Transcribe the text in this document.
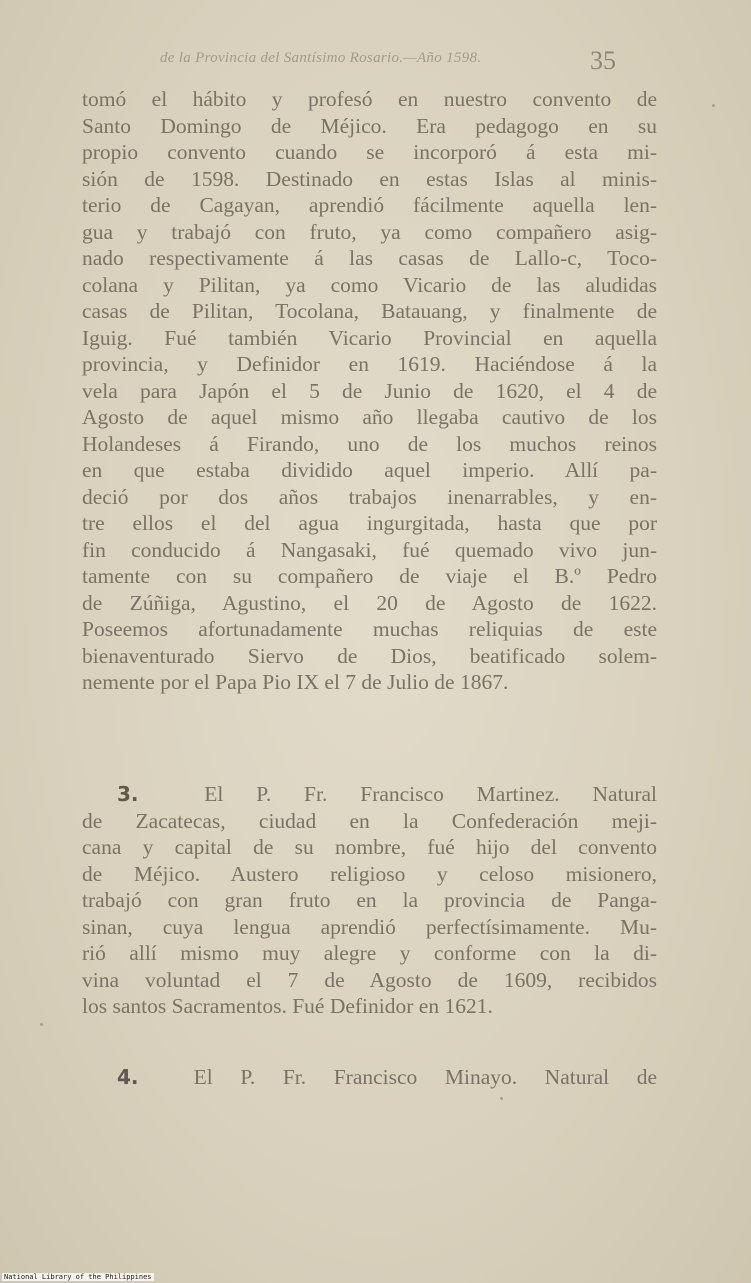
de la Provincia del Santísimo Rosario.—Año 1598.	35
tomó el hábito y profesó en nuestro convento de
Santo Domingo de Méjico. Era pedagogo en su
propio convento cuando se incorporó á esta mi-
sión de 1598. Destinado en estas Islas al minis-
terio de Cagayan, aprendió fácilmente aquella len-
gua y trabajó con fruto, ya como compañero asig-
nado respectivamente á las casas de Lallo-c, Toco-
colana y Pilitan, ya como Vicario de las aludidas
casas de Pilitan, Tocolana, Batauang, y finalmente de
Iguig. Fué también Vicario Provincial en aquella
provincia, y Definidor en 1619. Haciéndose á la
vela para Japón el 5 de Junio de 1620, el 4 de
Agosto de aquel mismo año llegaba cautivo de los
Holandeses á Firando, uno de los muchos reinos
en que estaba dividido aquel imperio. Allí pa-
deció por dos años trabajos inenarrables, y en-
tre ellos el del agua ingurgitada, hasta que por
fin conducido á Nangasaki, fué quemado vivo jun-
tamente con su compañero de viaje el B.º Pedro
de Zúñiga, Agustino, el 20 de Agosto de 1622.
Poseemos afortunadamente muchas reliquias de este
bienaventurado Siervo de Dios, beatificado solem-
nemente por el Papa Pio IX el 7 de Julio de 1867.
3.	El P. Fr. Francisco Martinez. Natural
de Zacatecas, ciudad en la Confederación meji-
cana y capital de su nombre, fué hijo del convento
de Méjico. Austero religioso y celoso misionero,
trabajó con gran fruto en la provincia de Panga-
sinan, cuya lengua aprendió perfectísimamente. Mu-
rió allí mismo muy alegre y conforme con la di-
vina voluntad el 7 de Agosto de 1609, recibidos
los santos Sacramentos. Fué Definidor en 1621.
4.	El P. Fr. Francisco Minayo. Natural de
National Library of the Philippines
